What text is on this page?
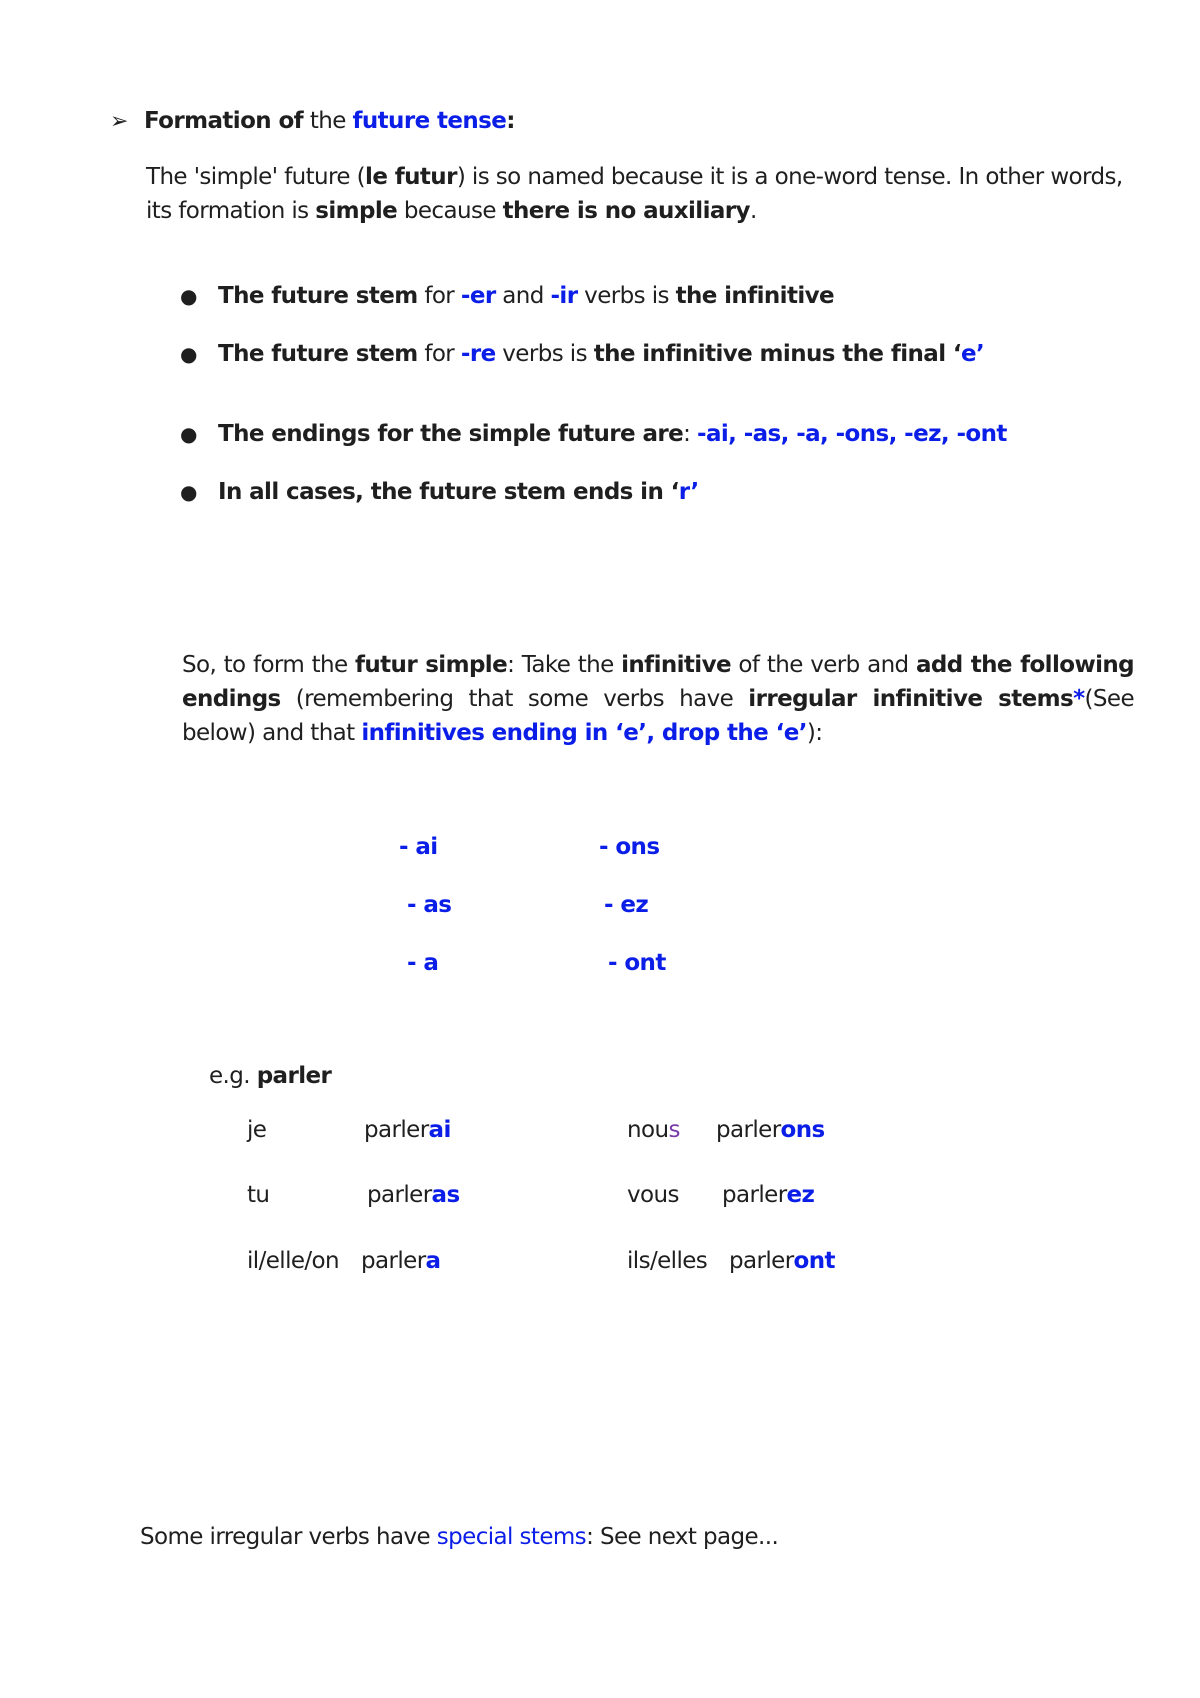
➢ Formation of the future tense:
The 'simple' future (le futur) is so named because it is a one-word tense. In other words, its formation is simple because there is no auxiliary.
● The future stem for -er and -ir verbs is the infinitive
● The future stem for -re verbs is the infinitive minus the final ‘e’
● The endings for the simple future are: -ai, -as, -a, -ons, -ez, -ont
● In all cases, the future stem ends in ‘r’
So, to form the futur simple: Take the infinitive of the verb and add the following endings (remembering that some verbs have irregular infinitive stems*(See below) and that infinitives ending in ‘e’, drop the ‘e’):
- ai
- as
- a
- ons
- ez
- ont
e.g. parler
je	parlerai
tu	parleras
il/elle/on parlera
nous parlerons
vous parlerez
ils/elles parleront
Some irregular verbs have special stems: See next page...
